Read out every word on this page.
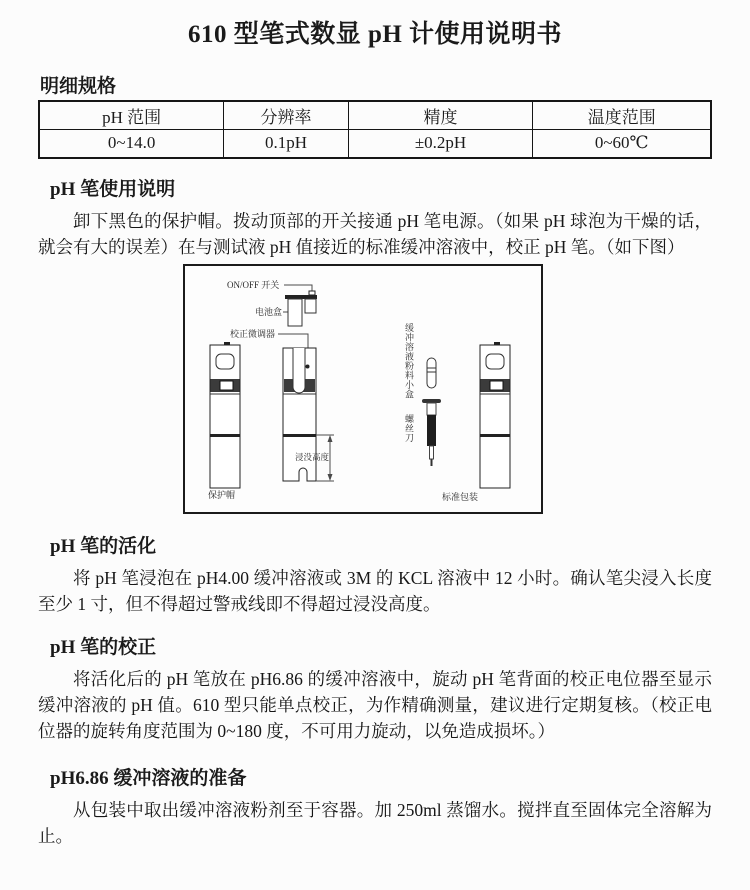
610 型笔式数显 pH 计使用说明书
明细规格
pH 范围	分辨率	精度	温度范围
0~14.0	0.1pH	±0.2pH	0~60℃
pH 笔使用说明

卸下黑色的保护帽。拨动顶部的开关接通 pH 笔电源。（如果 pH 球泡为干燥的话，就会有大的误差）在与测试液 pH 值接近的标准缓冲溶液中，校正 pH 笔。（如下图）

ON/OFF 开关
电池盒
校正微调器	缓冲溶液粉料小盒
螺丝刀
浸没高度
保护帽	标准包装
pH 笔的活化

将 pH 笔浸泡在 pH4.00 缓冲溶液或 3M 的 KCL 溶液中 12 小时。确认笔尖浸入长度至少 1 寸，但不得超过警戒线即不得超过浸没高度。

pH 笔的校正

将活化后的 pH 笔放在 pH6.86 的缓冲溶液中，旋动 pH 笔背面的校正电位器至显示缓冲溶液的 pH 值。610 型只能单点校正，为作精确测量，建议进行定期复核。（校正电位器的旋转角度范围为 0~180 度，不可用力旋动，以免造成损坏。）

pH6.86 缓冲溶液的准备

从包装中取出缓冲溶液粉剂至于容器。加 250ml 蒸馏水。搅拌直至固体完全溶解为止。
